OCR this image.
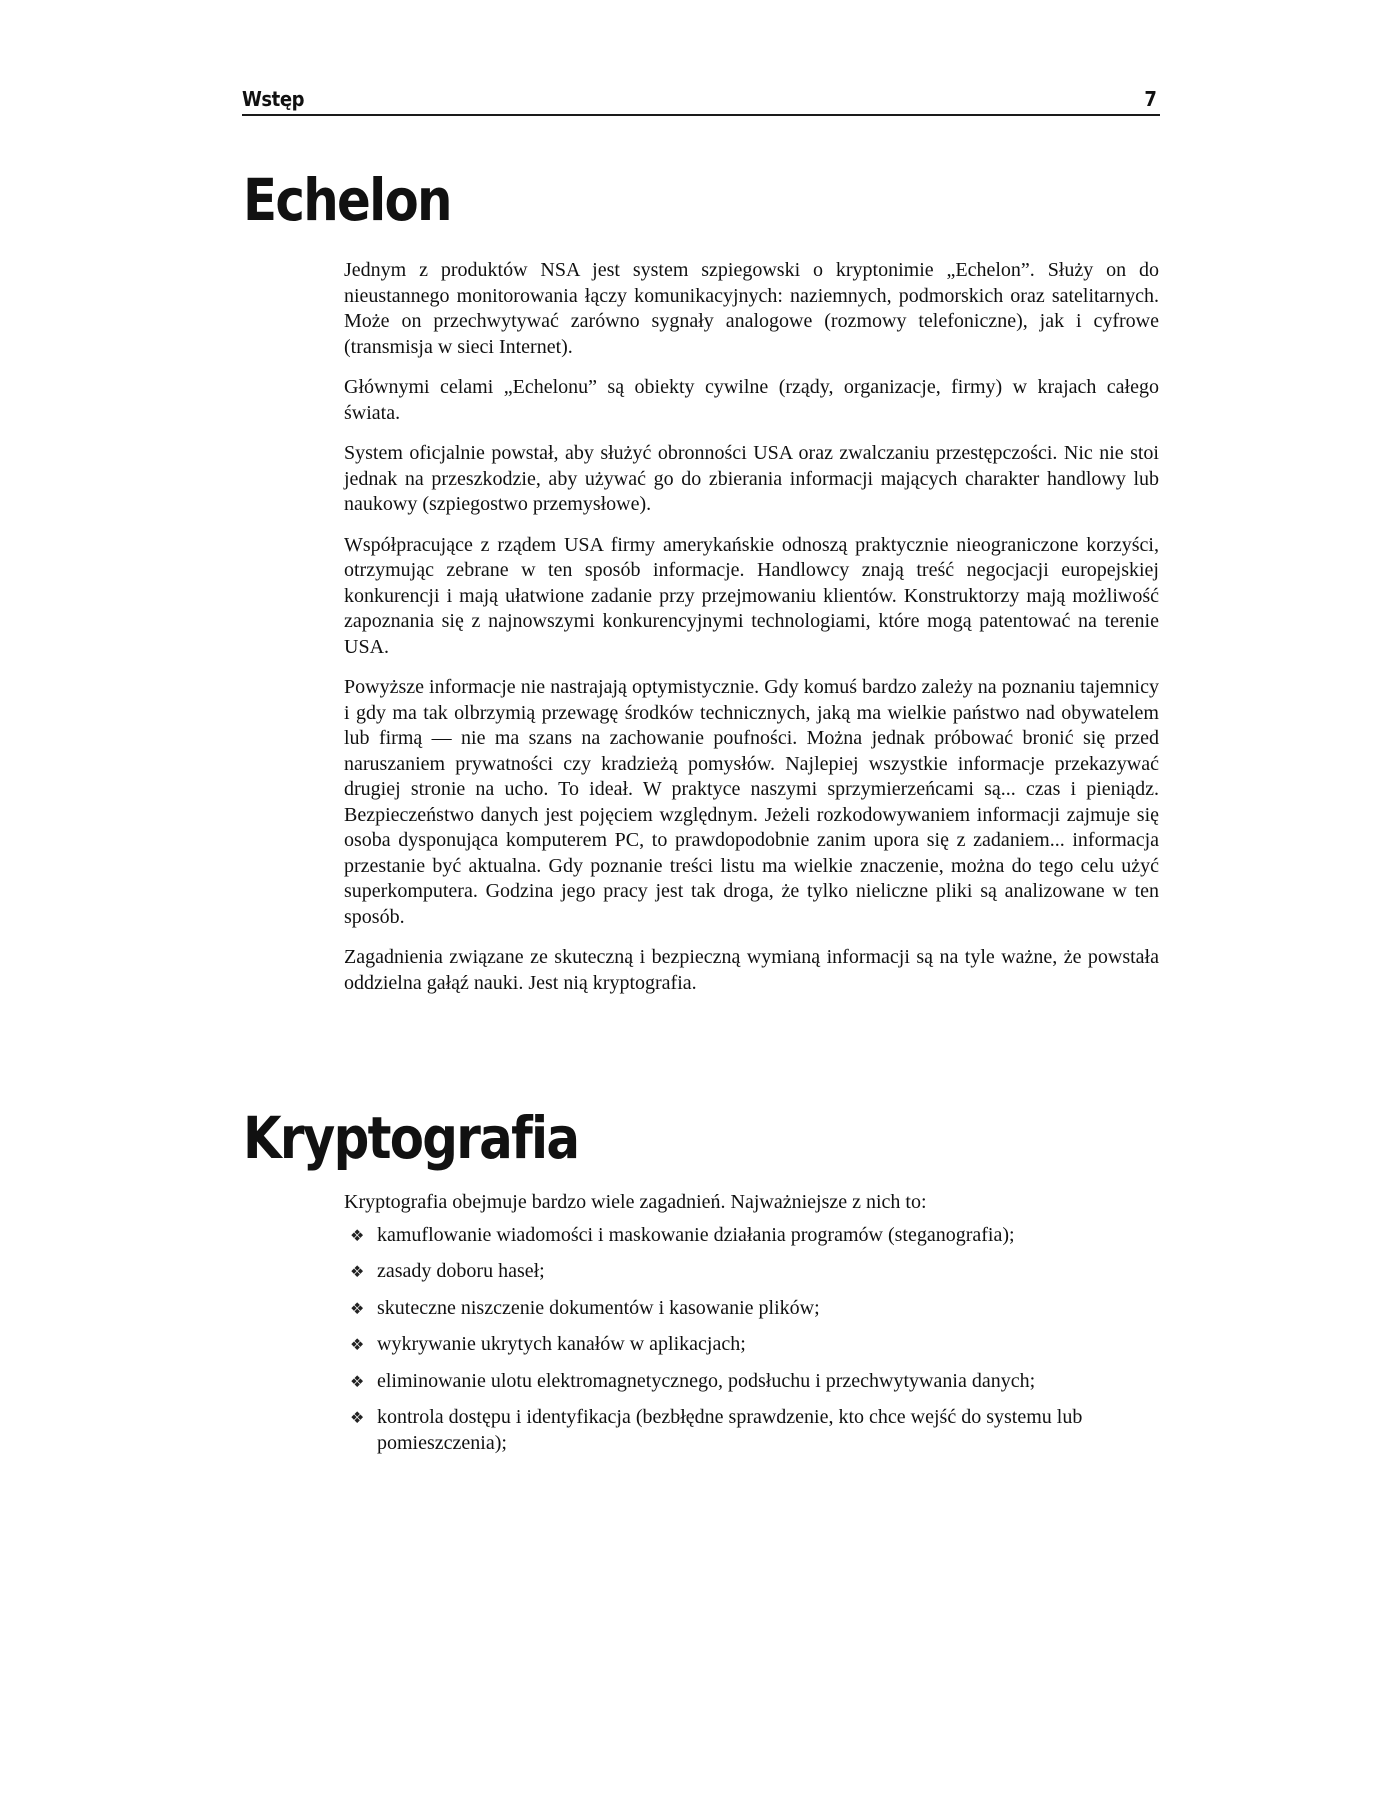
Wstęp	7
Echelon

Jednym z produktów NSA jest system szpiegowski o kryptonimie „Echelon”. Służy on do nieustannego monitorowania łączy komunikacyjnych: naziemnych, podmorskich oraz satelitarnych. Może on przechwytywać zarówno sygnały analogowe (rozmowy telefoniczne), jak i cyfrowe (transmisja w sieci Internet).

Głównymi celami „Echelonu” są obiekty cywilne (rządy, organizacje, firmy) w krajach całego świata.

System oficjalnie powstał, aby służyć obronności USA oraz zwalczaniu przestępczości. Nic nie stoi jednak na przeszkodzie, aby używać go do zbierania informacji mających charakter handlowy lub naukowy (szpiegostwo przemysłowe).

Współpracujące z rządem USA firmy amerykańskie odnoszą praktycznie nieograniczone korzyści, otrzymując zebrane w ten sposób informacje. Handlowcy znają treść negocjacji europejskiej konkurencji i mają ułatwione zadanie przy przejmowaniu klientów. Konstruktorzy mają możliwość zapoznania się z najnowszymi konkurencyjnymi technologiami, które mogą patentować na terenie USA.

Powyższe informacje nie nastrajają optymistycznie. Gdy komuś bardzo zależy na poznaniu tajemnicy i gdy ma tak olbrzymią przewagę środków technicznych, jaką ma wielkie państwo nad obywatelem lub firmą — nie ma szans na zachowanie poufności. Można jednak próbować bronić się przed naruszaniem prywatności czy kradzieżą pomysłów. Najlepiej wszystkie informacje przekazywać drugiej stronie na ucho. To ideał. W praktyce naszymi sprzymierzeńcami są... czas i pieniądz. Bezpieczeństwo danych jest pojęciem względnym. Jeżeli rozkodowywaniem informacji zajmuje się osoba dysponująca komputerem PC, to prawdopodobnie zanim upora się z zadaniem... informacja przestanie być aktualna. Gdy poznanie treści listu ma wielkie znaczenie, można do tego celu użyć superkomputera. Godzina jego pracy jest tak droga, że tylko nieliczne pliki są analizowane w ten sposób.

Zagadnienia związane ze skuteczną i bezpieczną wymianą informacji są na tyle ważne, że powstała oddzielna gałąź nauki. Jest nią kryptografia.

Kryptografia

Kryptografia obejmuje bardzo wiele zagadnień. Najważniejsze z nich to:

❖ kamuflowanie wiadomości i maskowanie działania programów (steganografia);
❖ zasady doboru haseł;
❖ skuteczne niszczenie dokumentów i kasowanie plików;
❖ wykrywanie ukrytych kanałów w aplikacjach;
❖ eliminowanie ulotu elektromagnetycznego, podsłuchu i przechwytywania danych;
❖ kontrola dostępu i identyfikacja (bezbłędne sprawdzenie, kto chce wejść do systemu lub pomieszczenia);
